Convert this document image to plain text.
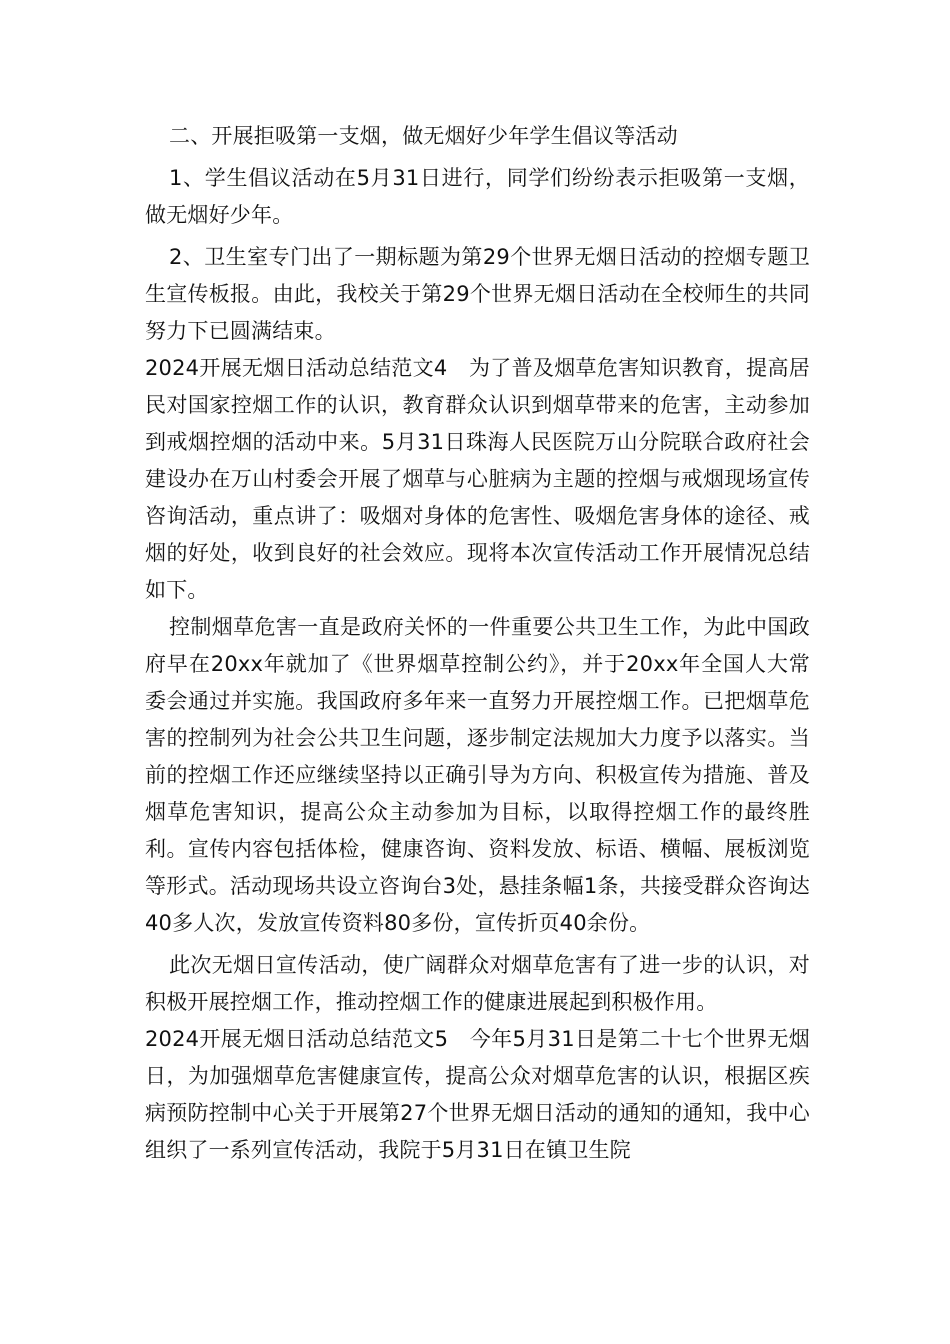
二、开展拒吸第一支烟，做无烟好少年学生倡议等活动

1、学生倡议活动在5月31日进行，同学们纷纷表示拒吸第一支烟，做无烟好少年。

2、卫生室专门出了一期标题为第29个世界无烟日活动的控烟专题卫生宣传板报。由此，我校关于第29个世界无烟日活动在全校师生的共同努力下已圆满结束。

2024开展无烟日活动总结范文4　为了普及烟草危害知识教育，提高居民对国家控烟工作的认识，教育群众认识到烟草带来的危害，主动参加到戒烟控烟的活动中来。5月31日珠海人民医院万山分院联合政府社会建设办在万山村委会开展了烟草与心脏病为主题的控烟与戒烟现场宣传咨询活动，重点讲了：吸烟对身体的危害性、吸烟危害身体的途径、戒烟的好处，收到良好的社会效应。现将本次宣传活动工作开展情况总结如下。

控制烟草危害一直是政府关怀的一件重要公共卫生工作，为此中国政府早在20xx年就加了《世界烟草控制公约》，并于20xx年全国人大常委会通过并实施。我国政府多年来一直努力开展控烟工作。已把烟草危害的控制列为社会公共卫生问题，逐步制定法规加大力度予以落实。当前的控烟工作还应继续坚持以正确引导为方向、积极宣传为措施、普及烟草危害知识，提高公众主动参加为目标，以取得控烟工作的最终胜利。宣传内容包括体检，健康咨询、资料发放、标语、横幅、展板浏览等形式。活动现场共设立咨询台3处，悬挂条幅1条，共接受群众咨询达40多人次，发放宣传资料80多份，宣传折页40余份。

此次无烟日宣传活动，使广阔群众对烟草危害有了进一步的认识，对积极开展控烟工作，推动控烟工作的健康进展起到积极作用。

2024开展无烟日活动总结范文5　今年5月31日是第二十七个世界无烟日，为加强烟草危害健康宣传，提高公众对烟草危害的认识，根据区疾病预防控制中心关于开展第27个世界无烟日活动的通知的通知，我中心组织了一系列宣传活动，我院于5月31日在镇卫生院
